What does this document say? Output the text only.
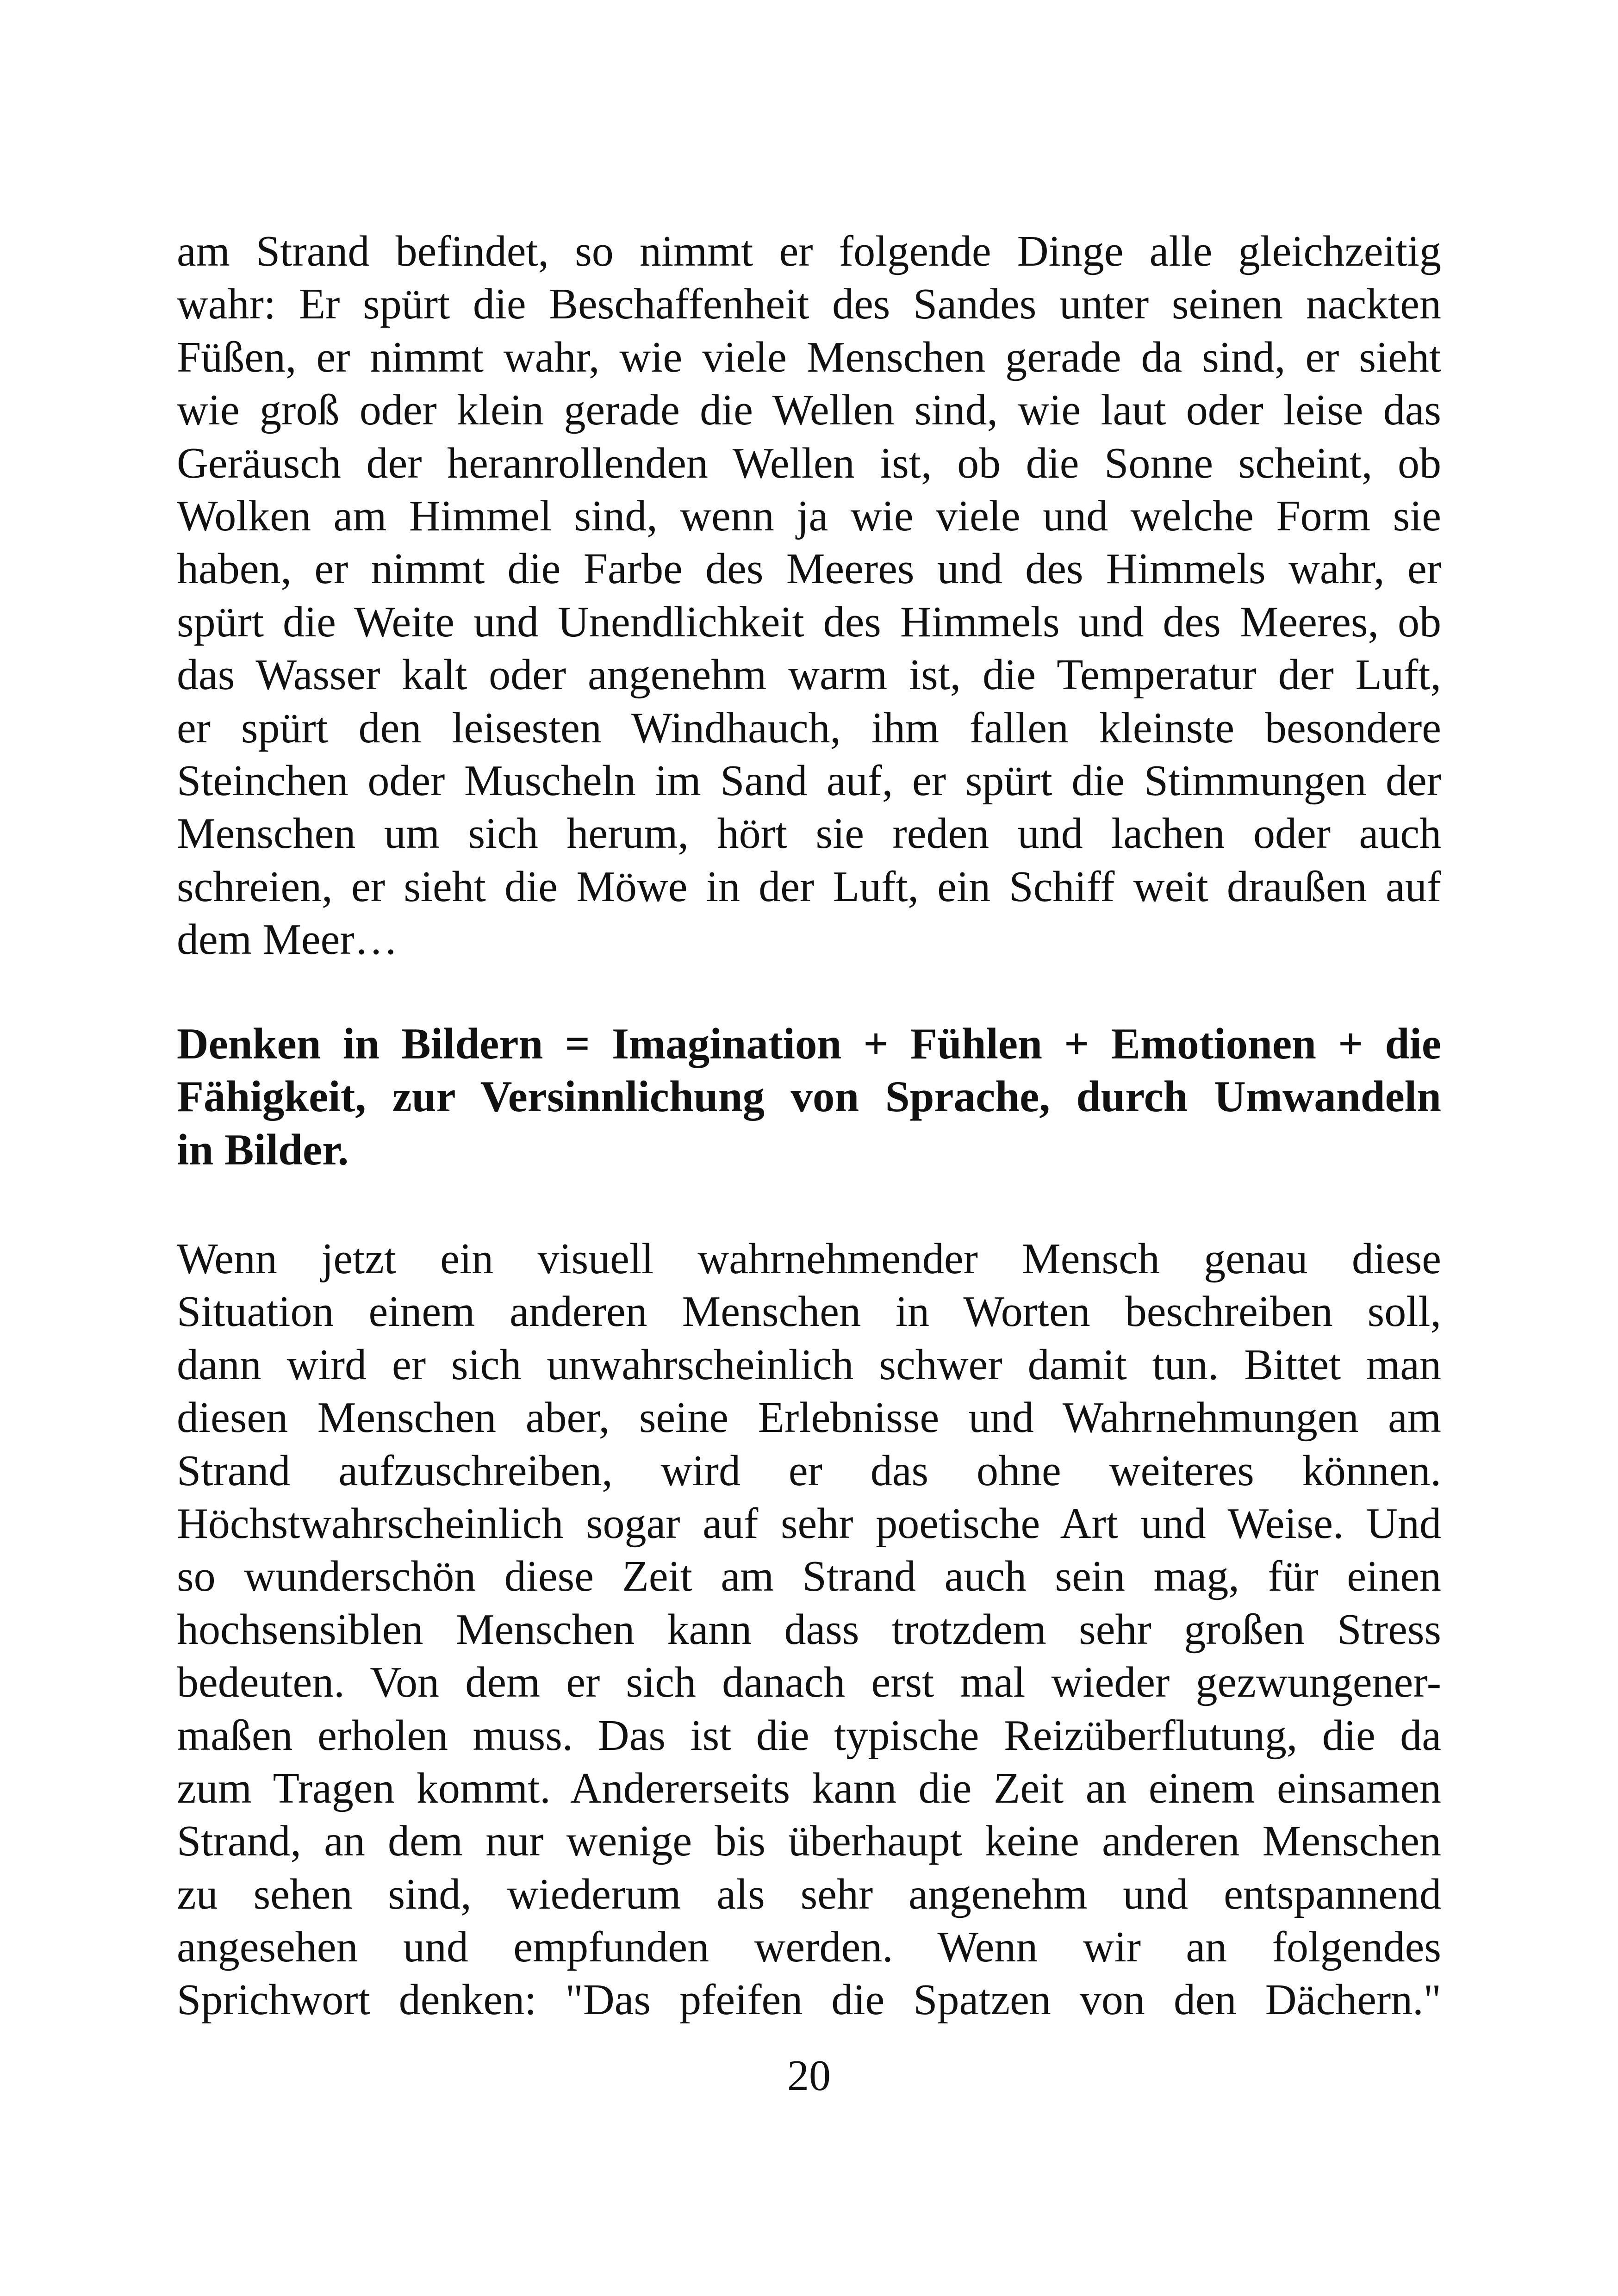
am Strand befindet, so nimmt er folgende Dinge alle gleichzeitig
wahr: Er spürt die Beschaffenheit des Sandes unter seinen nackten
Füßen, er nimmt wahr, wie viele Menschen gerade da sind, er sieht
wie groß oder klein gerade die Wellen sind, wie laut oder leise das
Geräusch der heranrollenden Wellen ist, ob die Sonne scheint, ob
Wolken am Himmel sind, wenn ja wie viele und welche Form sie
haben, er nimmt die Farbe des Meeres und des Himmels wahr, er
spürt die Weite und Unendlichkeit des Himmels und des Meeres, ob
das Wasser kalt oder angenehm warm ist, die Temperatur der Luft,
er spürt den leisesten Windhauch, ihm fallen kleinste besondere
Steinchen oder Muscheln im Sand auf, er spürt die Stimmungen der
Menschen um sich herum, hört sie reden und lachen oder auch
schreien, er sieht die Möwe in der Luft, ein Schiff weit draußen auf
dem Meer…
Denken in Bildern = Imagination + Fühlen + Emotionen + die
Fähigkeit, zur Versinnlichung von Sprache, durch Umwandeln
in Bilder.
Wenn jetzt ein visuell wahrnehmender Mensch genau diese
Situation einem anderen Menschen in Worten beschreiben soll,
dann wird er sich unwahrscheinlich schwer damit tun. Bittet man
diesen Menschen aber, seine Erlebnisse und Wahrnehmungen am
Strand aufzuschreiben, wird er das ohne weiteres können.
Höchstwahrscheinlich sogar auf sehr poetische Art und Weise. Und
so wunderschön diese Zeit am Strand auch sein mag, für einen
hochsensiblen Menschen kann dass trotzdem sehr großen Stress
bedeuten. Von dem er sich danach erst mal wieder gezwungener-
maßen erholen muss. Das ist die typische Reizüberflutung, die da
zum Tragen kommt. Andererseits kann die Zeit an einem einsamen
Strand, an dem nur wenige bis überhaupt keine anderen Menschen
zu sehen sind, wiederum als sehr angenehm und entspannend
angesehen und empfunden werden. Wenn wir an folgendes
Sprichwort denken: "Das pfeifen die Spatzen von den Dächern."
20
